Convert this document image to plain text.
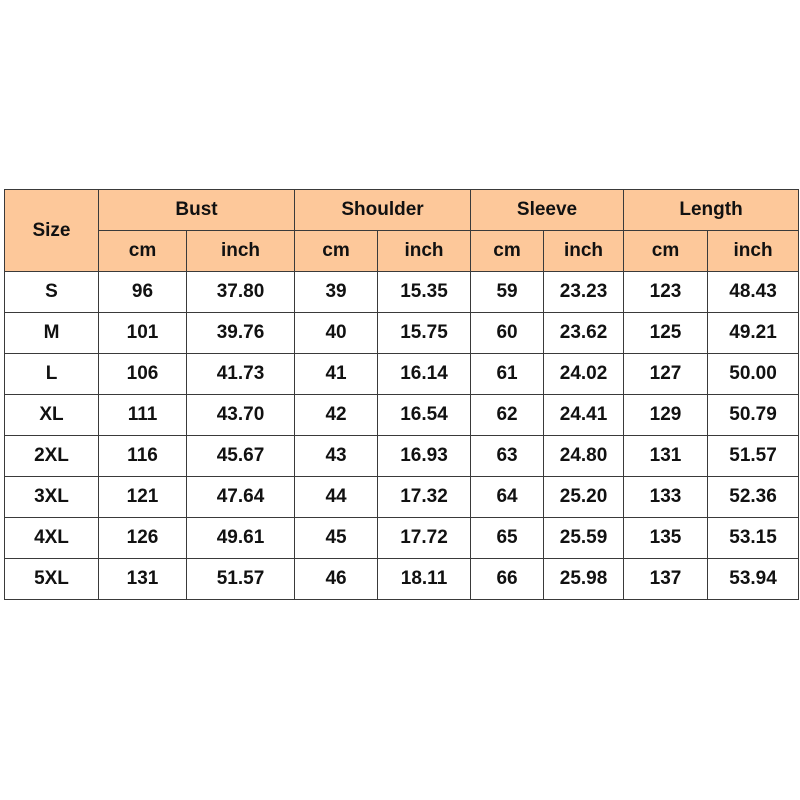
Size	Bust		Shoulder		Sleeve		Length	
	cm	inch	cm	inch	cm	inch	cm	inch
S	96	37.80	39	15.35	59	23.23	123	48.43
M	101	39.76	40	15.75	60	23.62	125	49.21
L	106	41.73	41	16.14	61	24.02	127	50.00
XL	111	43.70	42	16.54	62	24.41	129	50.79
2XL	116	45.67	43	16.93	63	24.80	131	51.57
3XL	121	47.64	44	17.32	64	25.20	133	52.36
4XL	126	49.61	45	17.72	65	25.59	135	53.15
5XL	131	51.57	46	18.11	66	25.98	137	53.94
